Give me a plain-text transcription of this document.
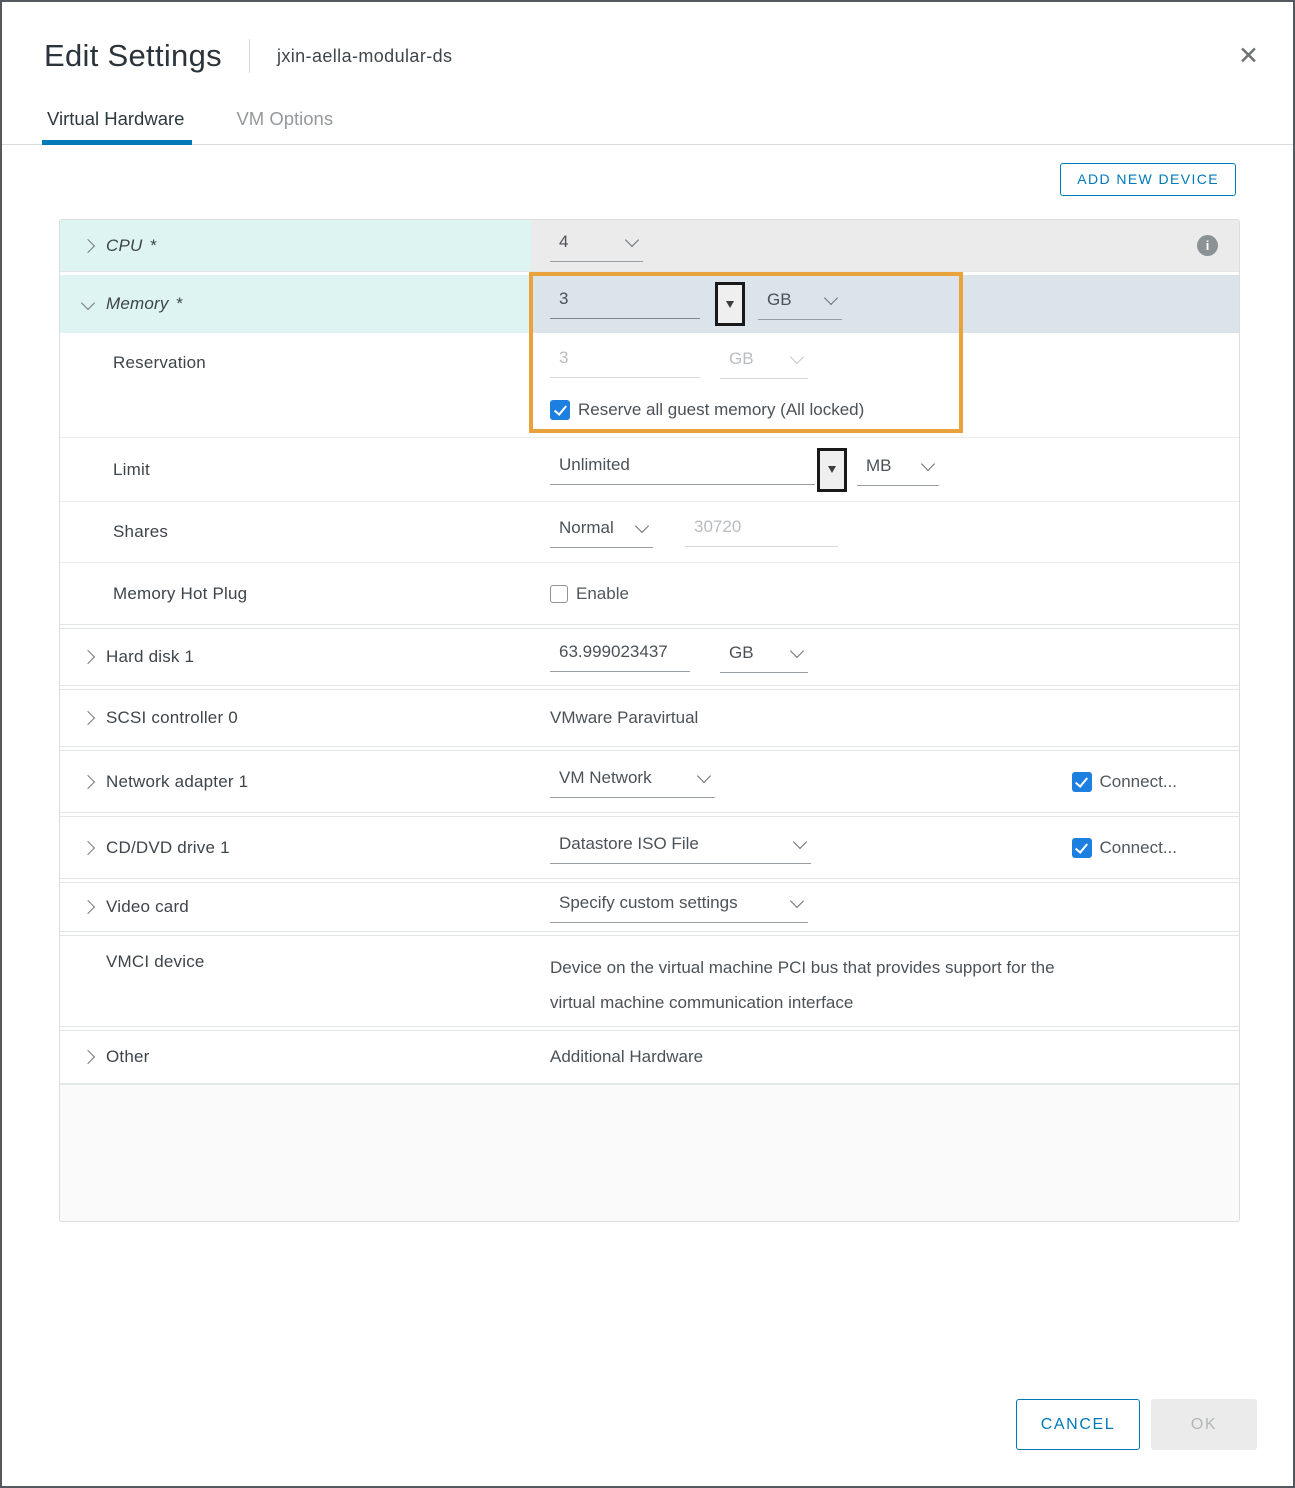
Edit Settings	jxin-aella-modular-ds	✕
Virtual Hardware	VM Options
ADD NEW DEVICE
CPU *	4	i
Memory *	3	GB
Reservation	3	GB
Reserve all guest memory (All locked)
Limit	Unlimited	MB
Shares	Normal	30720
Memory Hot Plug	Enable
Hard disk 1	63.999023437	GB
SCSI controller 0	VMware Paravirtual
Network adapter 1	VM Network	Connect...
CD/DVD drive 1	Datastore ISO File	Connect...
Video card	Specify custom settings
VMCI device	Device on the virtual machine PCI bus that provides support for the
virtual machine communication interface
Other	Additional Hardware
CANCEL	OK
